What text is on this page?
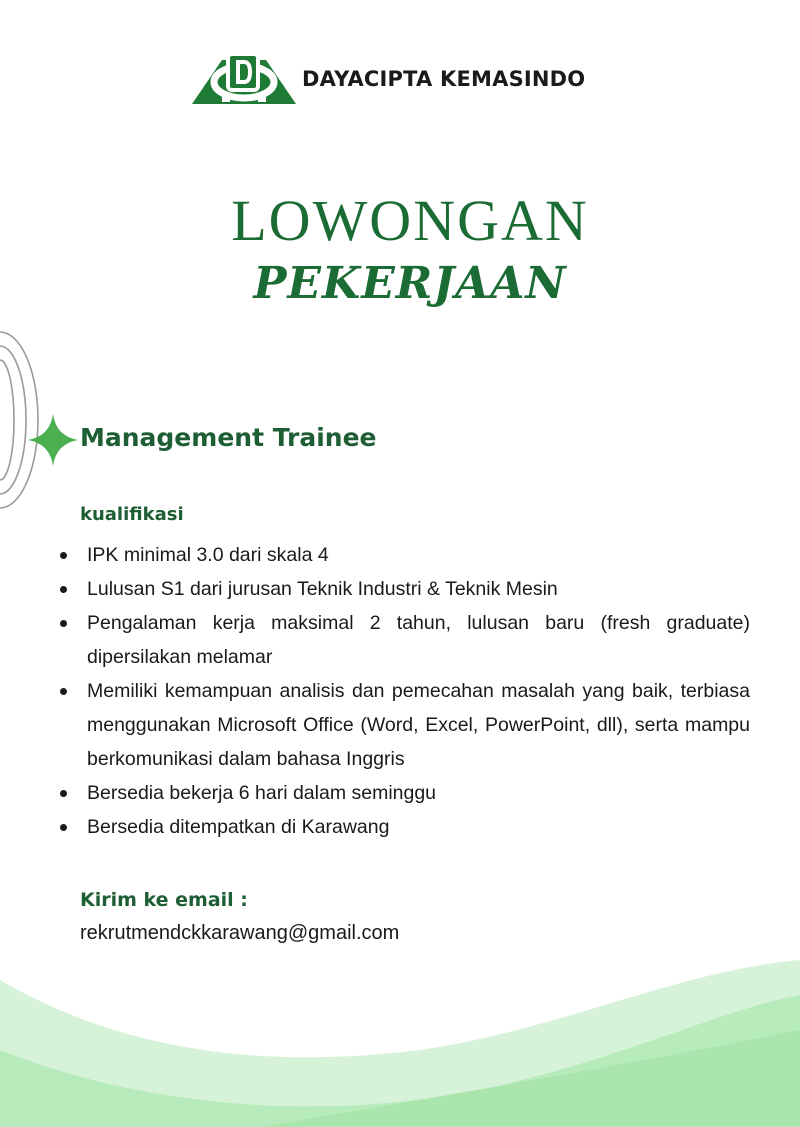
DAYACIPTA KEMASINDO
LOWONGAN
PEKERJAAN
Management Trainee
kualifikasi
IPK minimal 3.0 dari skala 4
Lulusan S1 dari jurusan Teknik Industri & Teknik Mesin
Pengalaman kerja maksimal 2 tahun, lulusan baru (fresh graduate) dipersilakan melamar
Memiliki kemampuan analisis dan pemecahan masalah yang baik, terbiasa menggunakan Microsoft Office (Word, Excel, PowerPoint, dll), serta mampu berkomunikasi dalam bahasa Inggris
Bersedia bekerja 6 hari dalam seminggu
Bersedia ditempatkan di Karawang
Kirim ke email :
rekrutmendckkarawang@gmail.com
